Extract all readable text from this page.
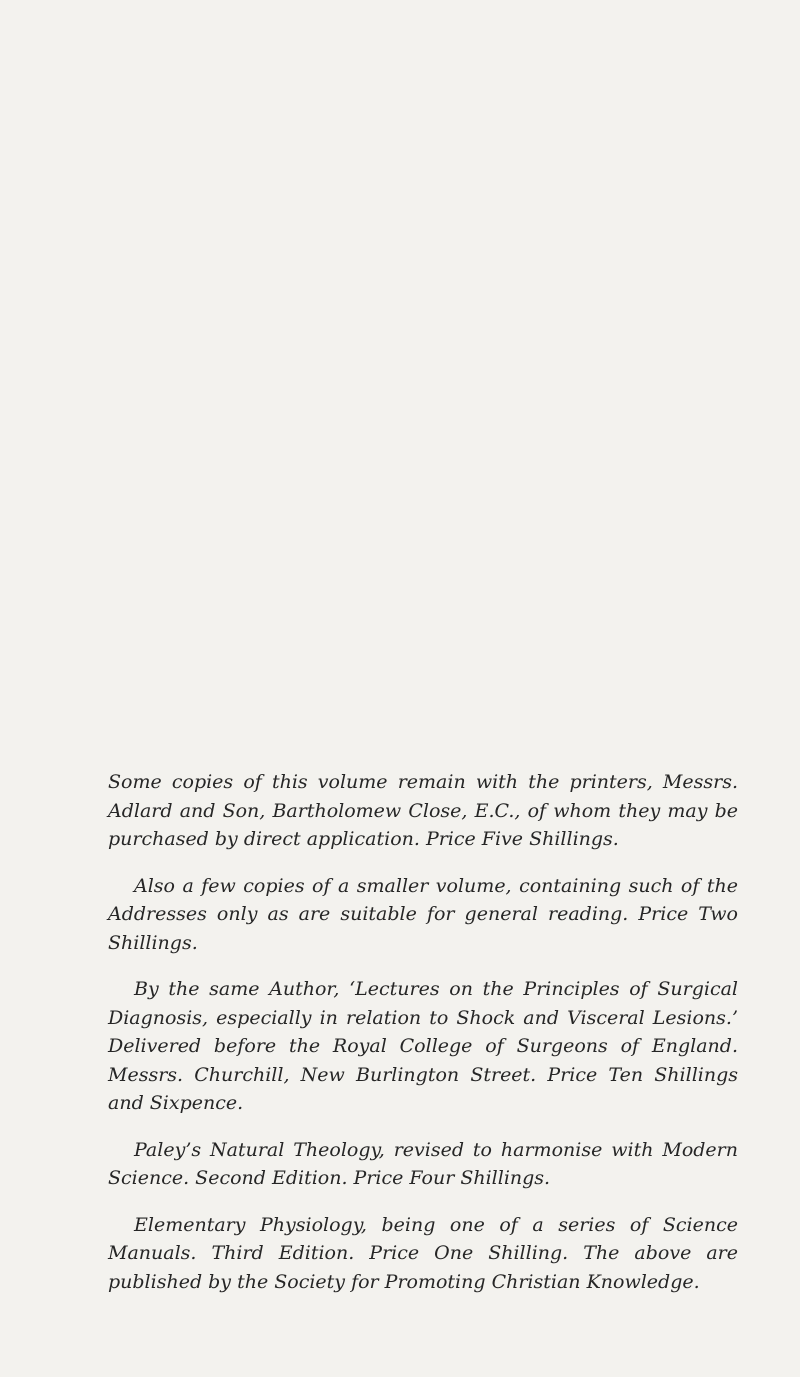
Some copies of this volume remain with the printers, Messrs. Adlard and Son, Bartholomew Close, E.C., of whom they may be purchased by direct application. Price Five Shillings.

Also a few copies of a smaller volume, containing such of the Addresses only as are suitable for general reading. Price Two Shillings.

By the same Author, ‘Lectures on the Principles of Surgical Diagnosis, especially in relation to Shock and Visceral Lesions.’ Delivered before the Royal College of Surgeons of England. Messrs. Churchill, New Burlington Street. Price Ten Shillings and Sixpence.

Paley’s Natural Theology, revised to harmonise with Modern Science. Second Edition. Price Four Shillings.

Elementary Physiology, being one of a series of Science Manuals. Third Edition. Price One Shilling. The above are published by the Society for Promoting Christian Knowledge.
